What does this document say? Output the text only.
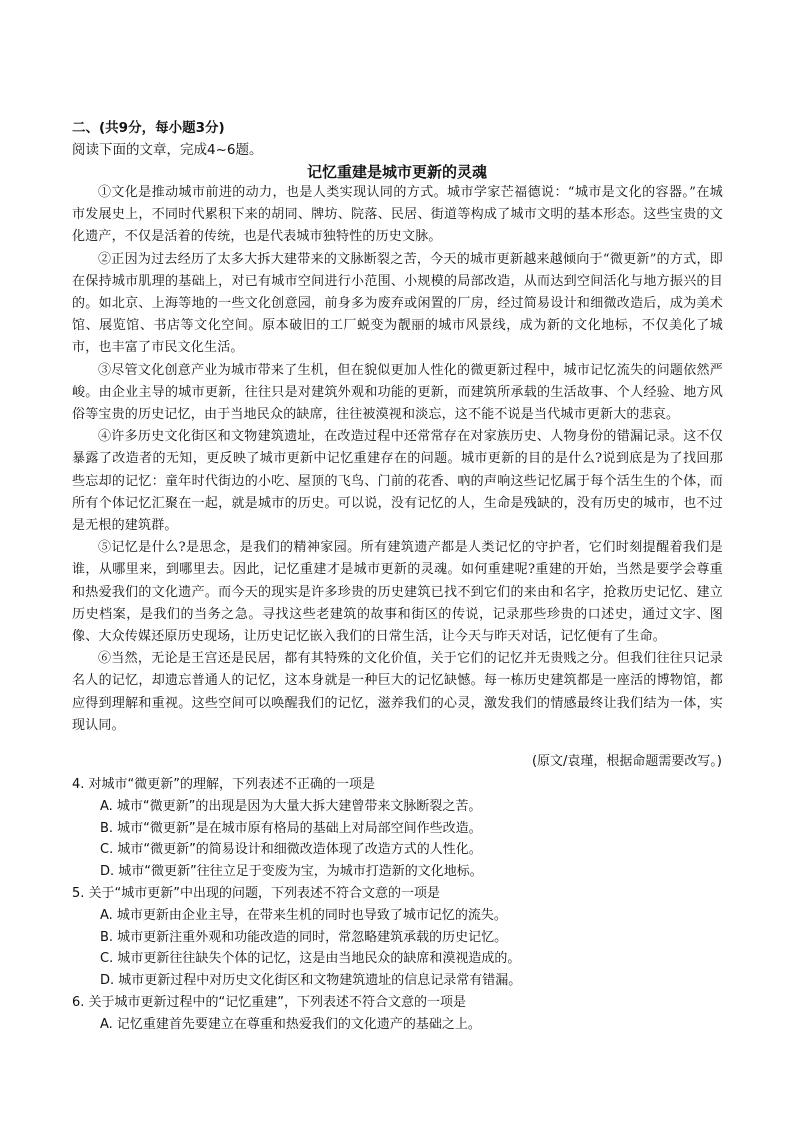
二、(共9分，每小题3分)
阅读下面的文章，完成4~6题。
记忆重建是城市更新的灵魂

①文化是推动城市前进的动力，也是人类实现认同的方式。城市学家芒福德说：“城市是文化的容器。”在城市发展史上，不同时代累积下来的胡同、牌坊、院落、民居、街道等构成了城市文明的基本形态。这些宝贵的文化遗产，不仅是活着的传统，也是代表城市独特性的历史文脉。

②正因为过去经历了太多大拆大建带来的文脉断裂之苦，今天的城市更新越来越倾向于“微更新”的方式，即在保持城市肌理的基础上，对已有城市空间进行小范围、小规模的局部改造，从而达到空间活化与地方振兴的目的。如北京、上海等地的一些文化创意园，前身多为废弃或闲置的厂房，经过简易设计和细微改造后，成为美术馆、展览馆、书店等文化空间。原本破旧的工厂蜕变为靓丽的城市风景线，成为新的文化地标，不仅美化了城市，也丰富了市民文化生活。

③尽管文化创意产业为城市带来了生机，但在貌似更加人性化的微更新过程中，城市记忆流失的问题依然严峻。由企业主导的城市更新，往往只是对建筑外观和功能的更新，而建筑所承载的生活故事、个人经验、地方风俗等宝贵的历史记忆，由于当地民众的缺席，往往被漠视和淡忘，这不能不说是当代城市更新大的悲哀。

④许多历史文化街区和文物建筑遗址，在改造过程中还常常存在对家族历史、人物身份的错漏记录。这不仅暴露了改造者的无知，更反映了城市更新中记忆重建存在的问题。城市更新的目的是什么?说到底是为了找回那些忘却的记忆：童年时代街边的小吃、屋顶的飞鸟、门前的花香、吶的声响这些记忆属于每个活生生的个体，而所有个体记忆汇聚在一起，就是城市的历史。可以说，没有记忆的人，生命是残缺的，没有历史的城市，也不过是无根的建筑群。

⑤记忆是什么?是思念，是我们的精神家园。所有建筑遗产都是人类记忆的守护者，它们时刻提醒着我们是谁，从哪里来，到哪里去。因此，记忆重建才是城市更新的灵魂。如何重建呢?重建的开始，当然是要学会尊重和热爱我们的文化遗产。而今天的现实是许多珍贵的历史建筑已找不到它们的来由和名字，抢救历史记忆、建立历史档案，是我们的当务之急。寻找这些老建筑的故事和街区的传说，记录那些珍贵的口述史，通过文字、图像、大众传媒还原历史现场，让历史记忆嵌入我们的日常生活，让今天与昨天对话，记忆便有了生命。

⑥当然，无论是王宫还是民居，都有其特殊的文化价值，关于它们的记忆并无贵贱之分。但我们往往只记录名人的记忆，却遗忘普通人的记忆，这本身就是一种巨大的记忆缺憾。每一栋历史建筑都是一座活的博物馆，都应得到理解和重视。这些空间可以唤醒我们的记忆，滋养我们的心灵，激发我们的情感最终让我们结为一体，实现认同。

(原文/袁瑾，根据命题需要改写。)

4. 对城市“微更新”的理解，下列表述不正确的一项是

A. 城市“微更新”的出现是因为大量大拆大建曾带来文脉断裂之苦。

B. 城市“微更新”是在城市原有格局的基础上对局部空间作些改造。

C. 城市“微更新”的简易设计和细微改造体现了改造方式的人性化。

D. 城市“微更新”往往立足于变废为宝，为城市打造新的文化地标。

5. 关于“城市更新”中出现的问题，下列表述不符合文意的一项是

A. 城市更新由企业主导，在带来生机的同时也导致了城市记忆的流失。

B. 城市更新注重外观和功能改造的同时，常忽略建筑承载的历史记忆。

C. 城市更新往往缺失个体的记忆，这是由当地民众的缺席和漠视造成的。

D. 城市更新过程中对历史文化街区和文物建筑遗址的信息记录常有错漏。

6. 关于城市更新过程中的“记忆重建”，下列表述不符合文意的一项是

A. 记忆重建首先要建立在尊重和热爱我们的文化遗产的基础之上。
